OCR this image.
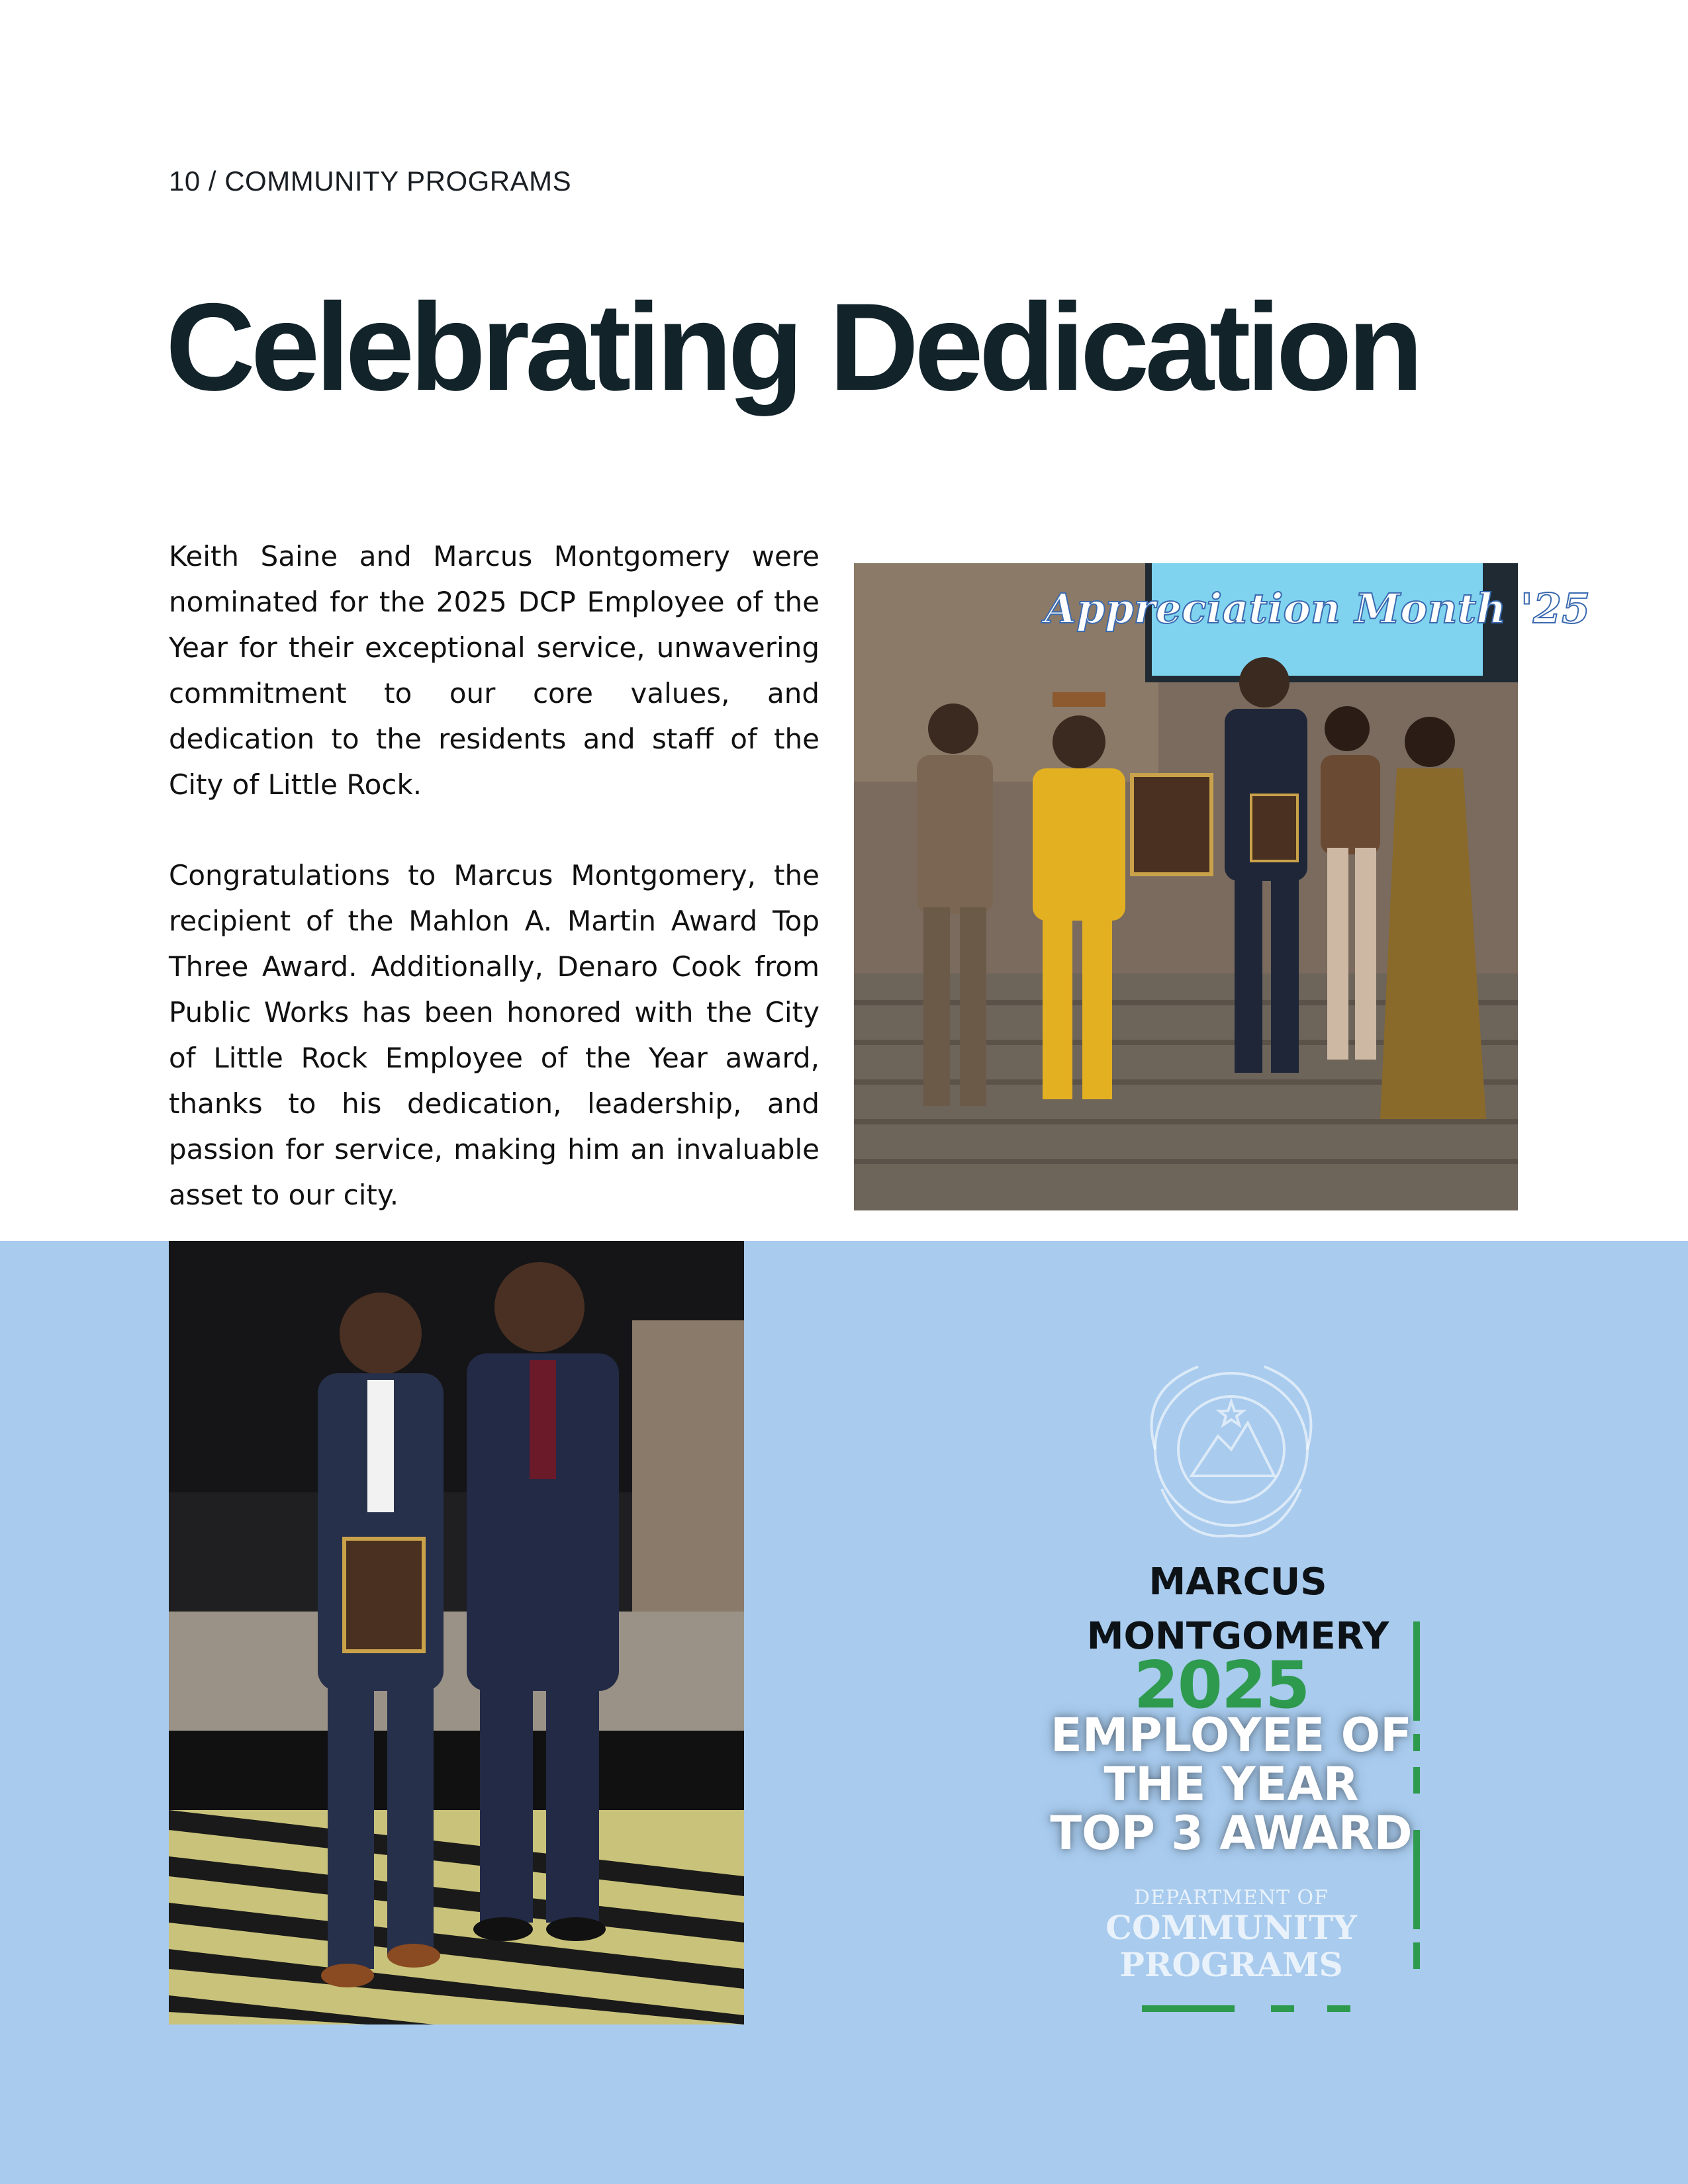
10 / COMMUNITY PROGRAMS
Celebrating Dedication

Keith Saine and Marcus Montgomery were nominated for the 2025 DCP Employee of the Year for their exceptional service, unwavering commitment to our core values, and dedication to the residents and staff of the City of Little Rock.

Congratulations to Marcus Montgomery, the recipient of the Mahlon A. Martin Award Top Three Award. Additionally, Denaro Cook from Public Works has been honored with the City of Little Rock Employee of the Year award, thanks to his dedication, leadership, and passion for service, making him an invaluable asset to our city.

Appreciation Month '25
MARCUS MONTGOMERY
2025
EMPLOYEE OF THE YEAR TOP 3 AWARD
DEPARTMENT OF
COMMUNITY
PROGRAMS
